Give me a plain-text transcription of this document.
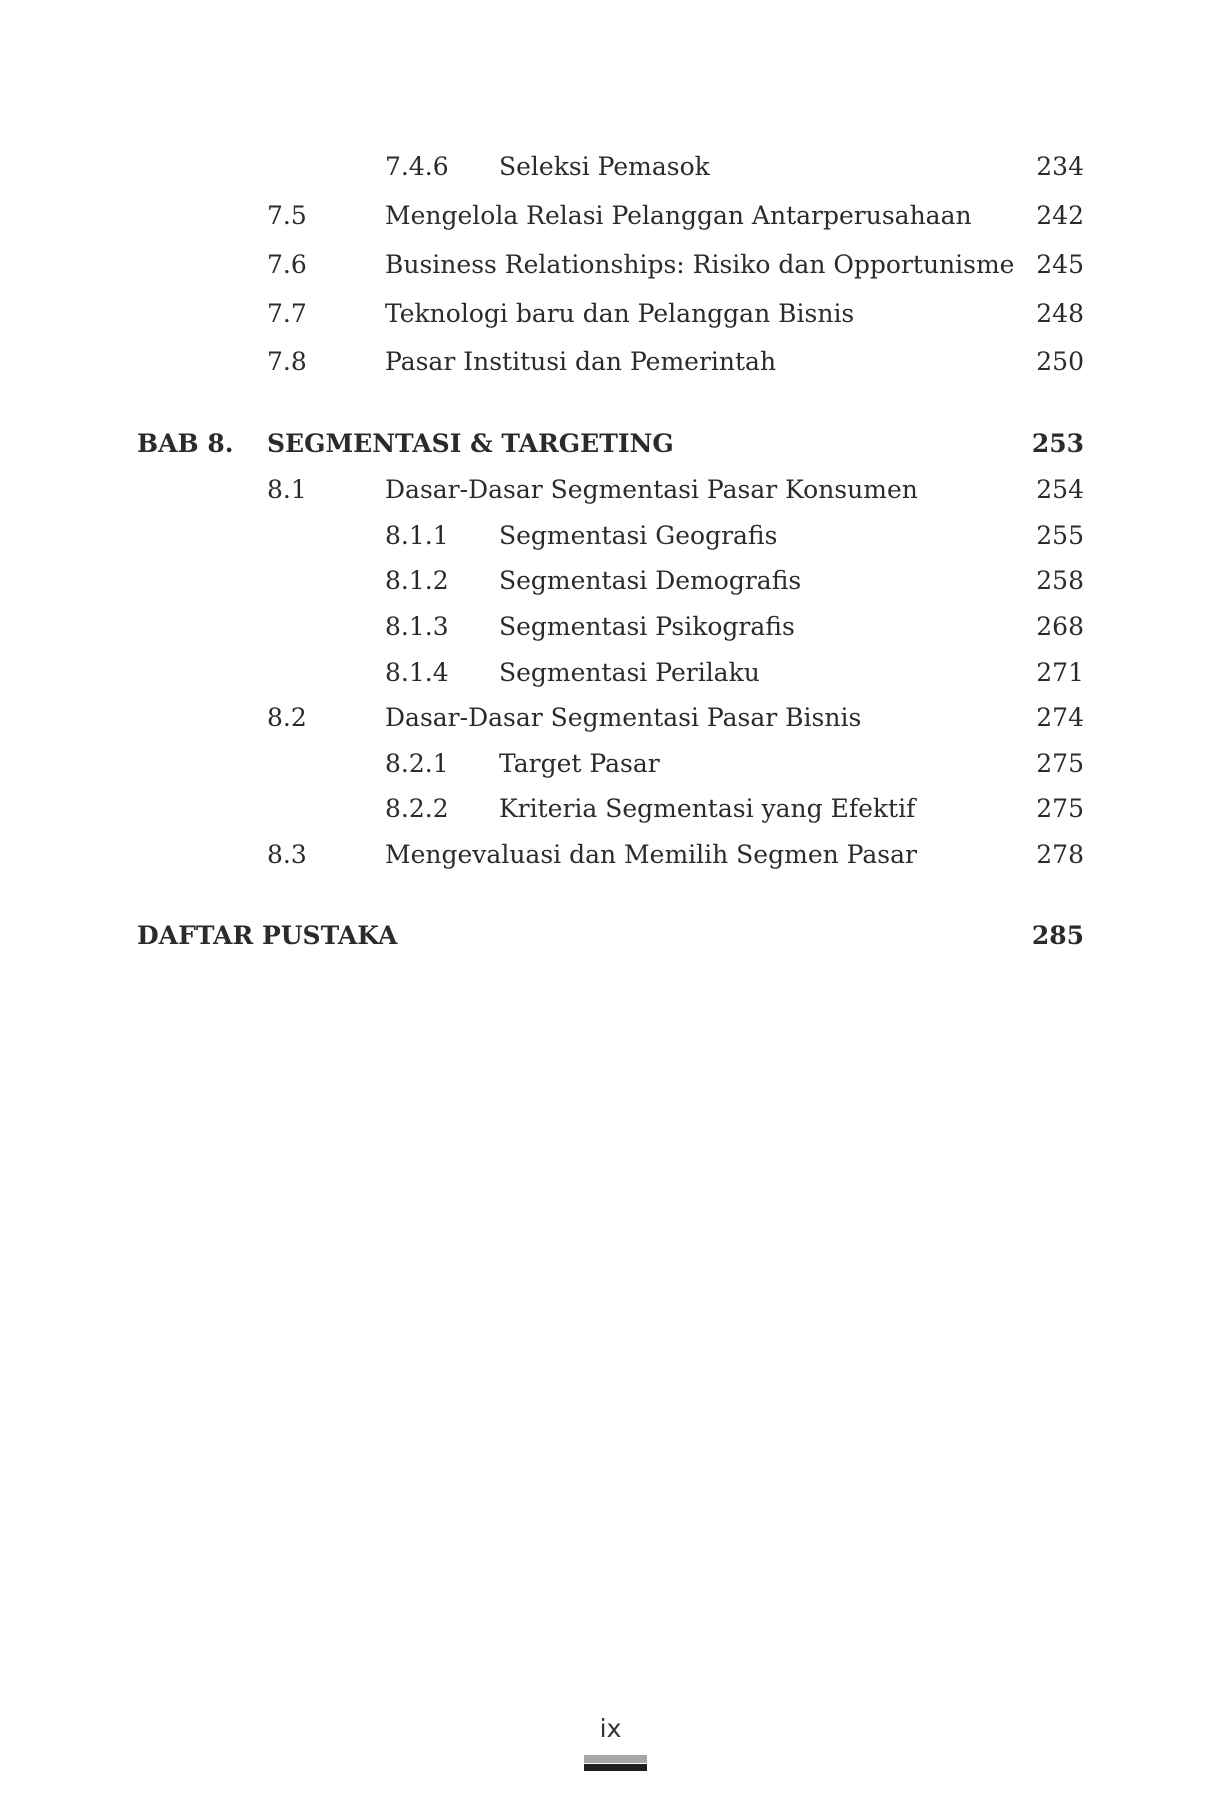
7.4.6 Seleksi Pemasok	234
7.5	Mengelola Relasi Pelanggan Antarperusahaan	242
7.6	Business Relationships: Risiko dan Opportunisme 245
7.7	Teknologi baru dan Pelanggan Bisnis	248
7.8	Pasar Institusi dan Pemerintah	250
BAB 8. SEGMENTASI & TARGETING	253
8.1	Dasar-Dasar Segmentasi Pasar Konsumen	254
8.1.1 Segmentasi Geografis	255
8.1.2 Segmentasi Demografis	258
8.1.3 Segmentasi Psikografis	268
8.1.4 Segmentasi Perilaku	271
8.2	Dasar-Dasar Segmentasi Pasar Bisnis	274
8.2.1 Target Pasar	275
8.2.2 Kriteria Segmentasi yang Efektif	275
8.3	Mengevaluasi dan Memilih Segmen Pasar	278
DAFTAR PUSTAKA	285
ix
